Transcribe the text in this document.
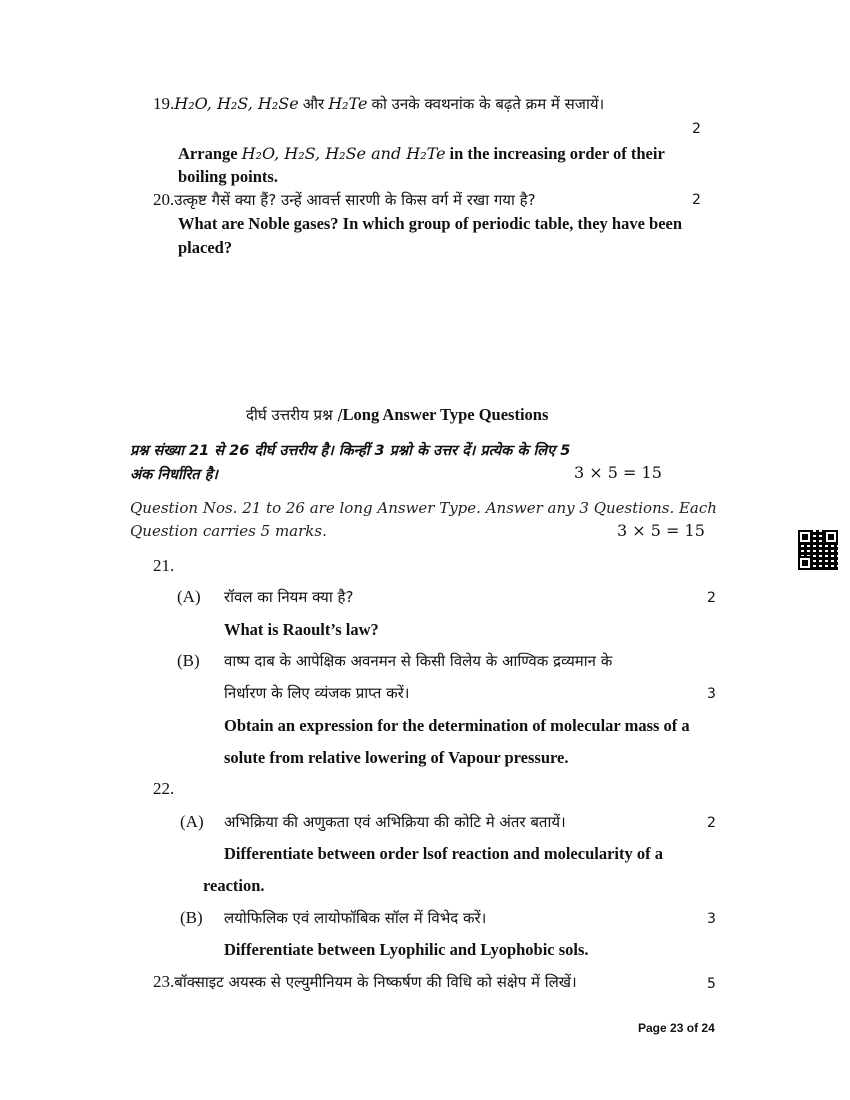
19.H₂O, H₂S, H₂Se और H₂Te को उनके क्वथनांक के बढ़ते क्रम में सजायें।
2
Arrange H₂O, H₂S, H₂Se and H₂Te in the increasing order of their
boiling points.
20.उत्कृष्ट गैसें क्या हैं? उन्हें आवर्त्त सारणी के किस वर्ग में रखा गया है?	2
What are Noble gases? In which group of periodic table, they have been
placed?
दीर्घ उत्तरीय प्रश्न /Long Answer Type Questions
प्रश्न संख्या 21 से 26 दीर्घ उत्तरीय है। किन्हीं 3 प्रश्नो के उत्तर दें। प्रत्येक के लिए 5
अंक निर्धारित है।	3 × 5 = 15
Question Nos. 21 to 26 are long Answer Type. Answer any 3 Questions. Each
Question carries 5 marks.	3 × 5 = 15
21.
(A) रॉवल का नियम क्या है?	2
What is Raoult’s law?
(B) वाष्प दाब के आपेक्षिक अवनमन से किसी विलेय के आण्विक द्रव्यमान के
निर्धारण के लिए व्यंजक प्राप्त करें।	3
Obtain an expression for the determination of molecular mass of a
solute from relative lowering of Vapour pressure.
22.
(A) अभिक्रिया की अणुकता एवं अभिक्रिया की कोटि मे अंतर बतायें।	2
Differentiate between order lsof reaction and molecularity of a
reaction.
(B) लयोफिलिक एवं लायोफॉबिक सॉल में विभेद करें।	3
Differentiate between Lyophilic and Lyophobic sols.
23.बॉक्साइट अयस्क से एल्युमीनियम के निष्कर्षण की विधि को संक्षेप में लिखें।	5
Page 23 of 24
